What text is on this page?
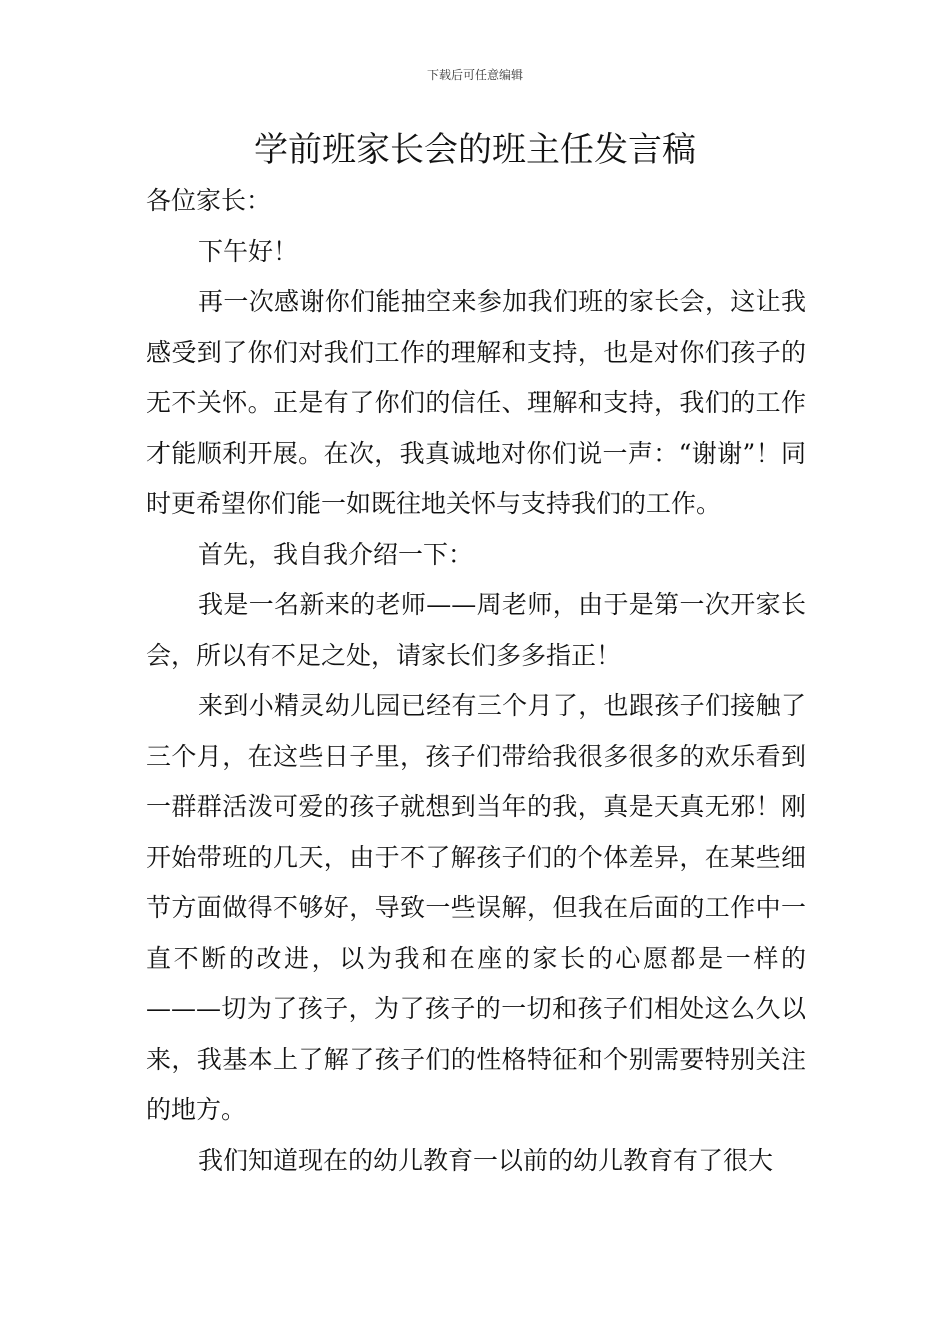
下载后可任意编辑
学前班家长会的班主任发言稿

各位家长：

下午好！

再一次感谢你们能抽空来参加我们班的家长会，这让我感受到了你们对我们工作的理解和支持，也是对你们孩子的无不关怀。正是有了你们的信任、理解和支持，我们的工作才能顺利开展。在次，我真诚地对你们说一声：“谢谢”！同时更希望你们能一如既往地关怀与支持我们的工作。

首先，我自我介绍一下：

我是一名新来的老师——周老师，由于是第一次开家长会，所以有不足之处，请家长们多多指正！

来到小精灵幼儿园已经有三个月了，也跟孩子们接触了三个月，在这些日子里，孩子们带给我很多很多的欢乐看到一群群活泼可爱的孩子就想到当年的我，真是天真无邪！刚开始带班的几天，由于不了解孩子们的个体差异，在某些细节方面做得不够好，导致一些误解，但我在后面的工作中一直不断的改进，以为我和在座的家长的心愿都是一样的———切为了孩子，为了孩子的一切和孩子们相处这么久以来，我基本上了解了孩子们的性格特征和个别需要特别关注的地方。

我们知道现在的幼儿教育一以前的幼儿教育有了很大
